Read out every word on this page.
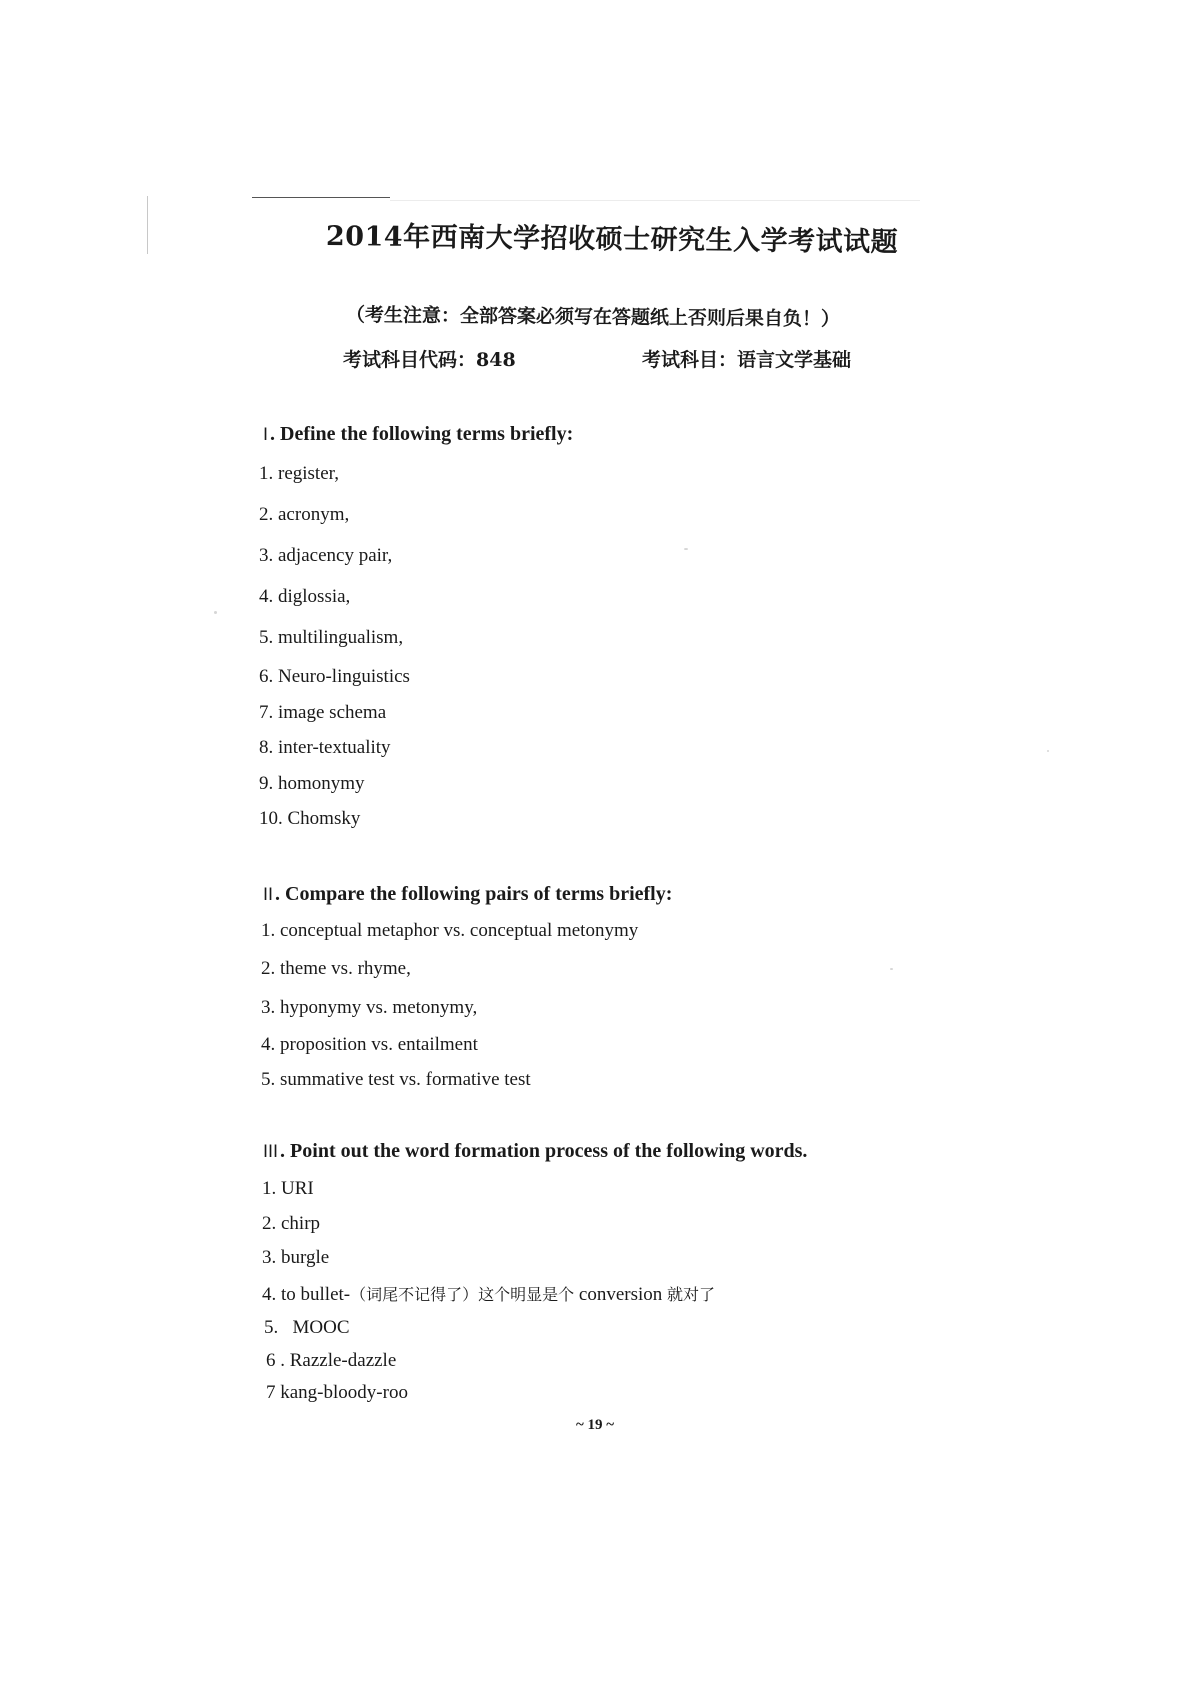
2014年西南大学招收硕士研究生入学考试试题
（考生注意：全部答案必须写在答题纸上否则后果自负！）
考试科目代码：848	考试科目：语言文学基础
I . Define the following terms briefly:
1. register,
2. acronym,
3. adjacency pair,
4. diglossia,
5. multilingualism,
6. Neuro-linguistics
7. image schema
8. inter-textuality
9. homonymy
10. Chomsky
II . Compare the following pairs of terms briefly:
1. conceptual metaphor vs. conceptual metonymy
2. theme vs. rhyme,
3. hyponymy vs. metonymy,
4. proposition vs. entailment
5. summative test vs. formative test
III . Point out the word formation process of the following words.
1. URI
2. chirp
3. burgle
4. to bullet-（词尾不记得了）这个明显是个 conversion 就对了
5.   MOOC
6 . Razzle-dazzle
7 kang-bloody-roo
~ 19 ~
